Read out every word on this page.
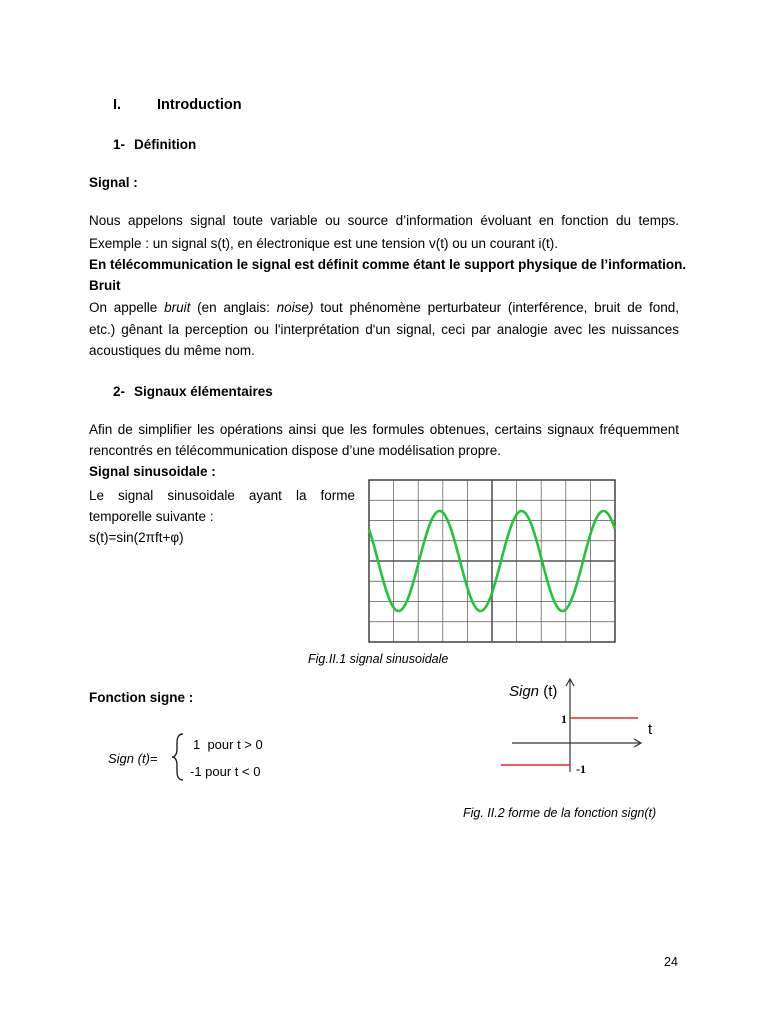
I. Introduction
1- Définition
Signal :
Nous appelons signal toute variable ou source d’information évoluant en fonction du temps.
Exemple : un signal s(t), en électronique est une tension v(t) ou un courant i(t).
En télécommunication le signal est définit comme étant le support physique de l’information.
Bruit
On appelle bruit (en anglais: noise) tout phénomène perturbateur (interférence, bruit de fond,
etc.) gênant la perception ou l'interprétation d'un signal, ceci par analogie avec les nuissances
acoustiques du même nom.
2- Signaux élémentaires
Afin de simplifier les opérations ainsi que les formules obtenues, certains signaux fréquemment
rencontrés en télécommunication dispose d’une modélisation propre.
Signal sinusoidale :
Le signal sinusoidale ayant la forme
temporelle suivante :
s(t)=sin(2πft+φ)
Fig.II.1 signal sinusoidale
Fonction signe :
Sign (t)=
1  pour t > 0
-1 pour t < 0
Sign (t)
t
1
-1
Fig. II.2 forme de la fonction sign(t)
24
